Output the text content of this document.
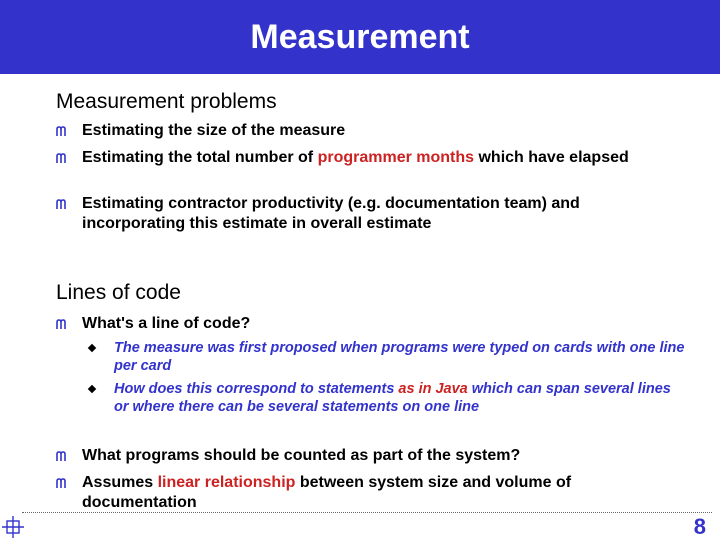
Measurement
Measurement problems
Estimating the size of the measure
Estimating the total number of programmer months which have elapsed
Estimating contractor productivity (e.g. documentation team) and incorporating this estimate in overall estimate
Lines of code
What's a line of code?
The measure was first proposed when programs were typed on cards with one line per card
How does this correspond to statements as in Java which can span several lines or where there can be several statements on one line
What programs should be counted as part of the system?
Assumes linear relationship between system size and volume of documentation
8
